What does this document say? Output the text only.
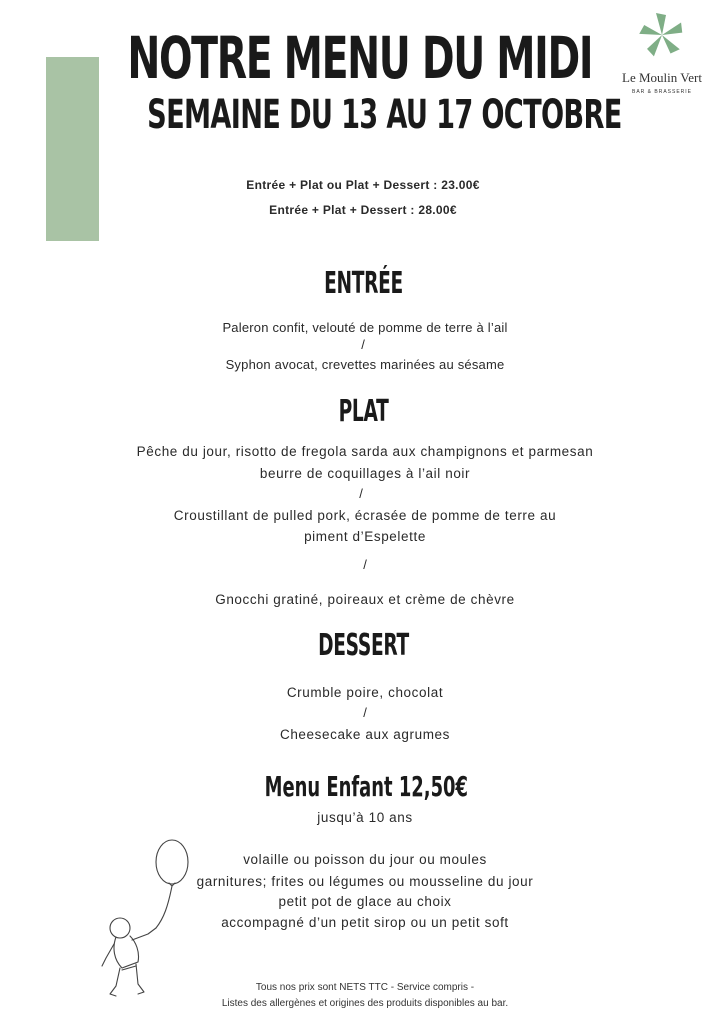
NOTRE MENU DU MIDI
SEMAINE DU 13 AU 17 OCTOBRE
Le Moulin Vert
BAR & BRASSERIE
Entrée + Plat ou Plat + Dessert : 23.00€
Entrée + Plat + Dessert : 28.00€
ENTRÉE
Paleron confit, velouté de pomme de terre à l’ail
/
Syphon avocat, crevettes marinées au sésame
PLAT
Pêche du jour, risotto de fregola sarda aux champignons et parmesan
beurre de coquillages à l’ail noir
/
Croustillant de pulled pork, écrasée de pomme de terre au
piment d’Espelette
/
Gnocchi gratiné, poireaux et crème de chèvre
DESSERT
Crumble poire, chocolat
/
Cheesecake aux agrumes
Menu Enfant 12,50€
jusqu’à 10 ans
volaille ou poisson du jour ou moules
garnitures; frites ou légumes ou mousseline du jour
petit pot de glace au choix
accompagné d’un petit sirop ou un petit soft
Tous nos prix sont NETS TTC - Service compris -
Listes des allergènes et origines des produits disponibles au bar.
